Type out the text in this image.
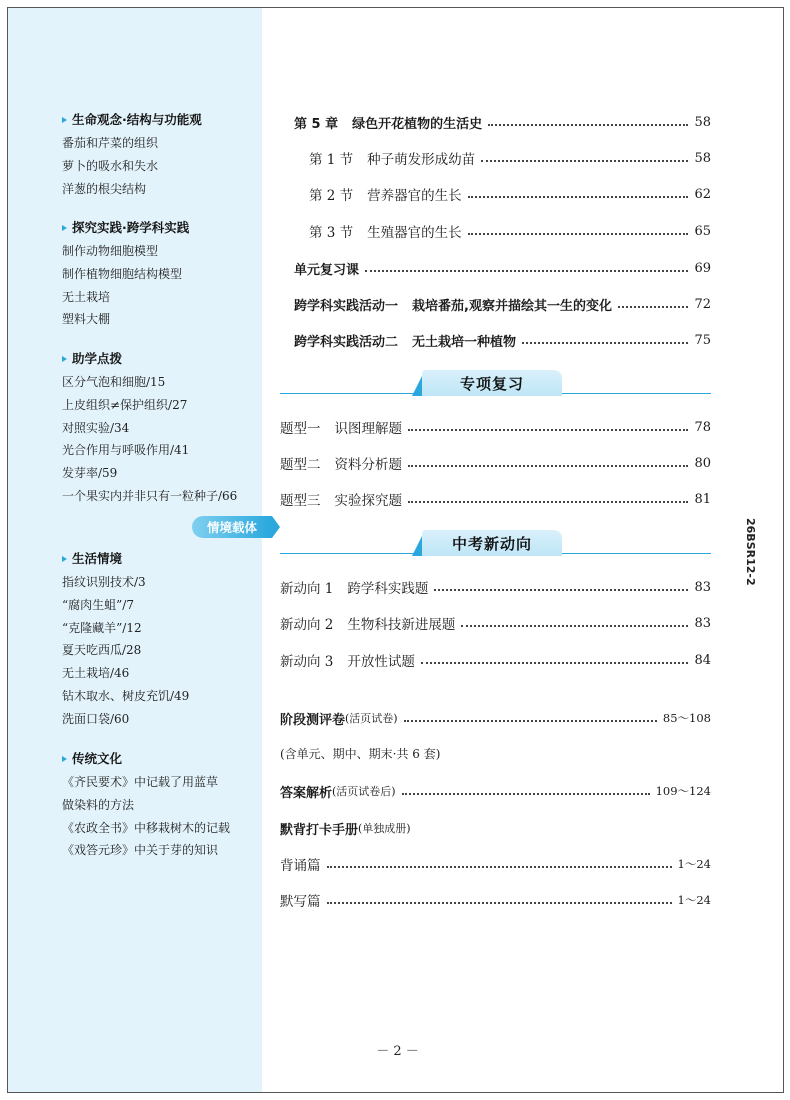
生命观念·结构与功能观
番茄和芹菜的组织
萝卜的吸水和失水
洋葱的根尖结构
探究实践·跨学科实践
制作动物细胞模型
制作植物细胞结构模型
无土栽培
塑料大棚
助学点拨
区分气泡和细胞/15
上皮组织≠保护组织/27
对照实验/34
光合作用与呼吸作用/41
发芽率/59
一个果实内并非只有一粒种子/66
情境载体
生活情境
指纹识别技术/3
“腐肉生蛆”/7
“克隆藏羊”/12
夏天吃西瓜/28
无土栽培/46
钻木取水、树皮充饥/49
洗面口袋/60
传统文化
《齐民要术》中记载了用蓝草
做染料的方法
《农政全书》中移栽树木的记载
《戏答元珍》中关于芽的知识
第 5 章 绿色开花植物的生活史	58
第 1 节 种子萌发形成幼苗	58
第 2 节 营养器官的生长	62
第 3 节 生殖器官的生长	65
单元复习课	69
跨学科实践活动一 栽培番茄,观察并描绘其一生的变化	72
跨学科实践活动二 无土栽培一种植物	75
专项复习
题型一 识图理解题	78
题型二 资料分析题	80
题型三 实验探究题	81
中考新动向
新动向 1 跨学科实践题	83
新动向 2 生物科技新进展题	83
新动向 3 开放性试题	84
阶段测评卷 (活页试卷)	85～108
(含单元、期中、期末·共 6 套)
答案解析 (活页试卷后)	109～124
默背打卡手册 (单独成册)
背诵篇	1～24
默写篇	1～24
26BSR12-2
－ 2 －
